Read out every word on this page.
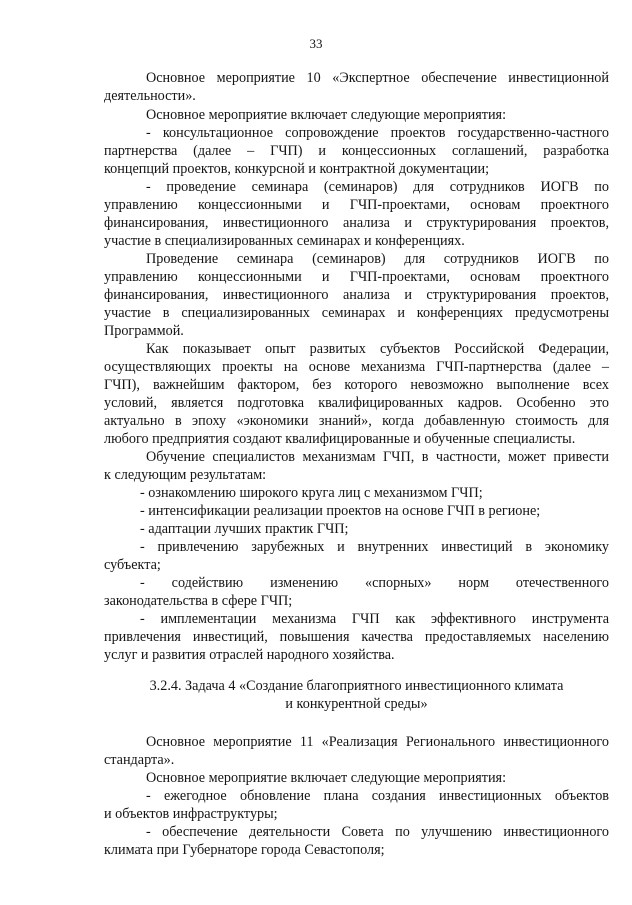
33
Основное мероприятие 10 «Экспертное обеспечение инвестиционной
деятельности».
Основное мероприятие включает следующие мероприятия:
- консультационное сопровождение проектов государственно-частного
партнерства (далее – ГЧП) и концессионных соглашений, разработка
концепций проектов, конкурсной и контрактной документации;
- проведение семинара (семинаров) для сотрудников ИОГВ по
управлению концессионными и ГЧП-проектами, основам проектного
финансирования, инвестиционного анализа и структурирования проектов,
участие в специализированных семинарах и конференциях.
Проведение семинара (семинаров) для сотрудников ИОГВ по
управлению концессионными и ГЧП-проектами, основам проектного
финансирования, инвестиционного анализа и структурирования проектов,
участие в специализированных семинарах и конференциях предусмотрены
Программой.
Как показывает опыт развитых субъектов Российской Федерации,
осуществляющих проекты на основе механизма ГЧП-партнерства (далее –
ГЧП), важнейшим фактором, без которого невозможно выполнение всех
условий, является подготовка квалифицированных кадров. Особенно это
актуально в эпоху «экономики знаний», когда добавленную стоимость для
любого предприятия создают квалифицированные и обученные специалисты.
Обучение специалистов механизмам ГЧП, в частности, может привести
к следующим результатам:
- ознакомлению широкого круга лиц с механизмом ГЧП;
- интенсификации реализации проектов на основе ГЧП в регионе;
- адаптации лучших практик ГЧП;
- привлечению зарубежных и внутренних инвестиций в экономику
субъекта;
- содействию изменению «спорных» норм отечественного
законодательства в сфере ГЧП;
- имплементации механизма ГЧП как эффективного инструмента
привлечения инвестиций, повышения качества предоставляемых населению
услуг и развития отраслей народного хозяйства.
3.2.4. Задача 4 «Создание благоприятного инвестиционного климата
и конкурентной среды»
Основное мероприятие 11 «Реализация Регионального инвестиционного
стандарта».
Основное мероприятие включает следующие мероприятия:
- ежегодное обновление плана создания инвестиционных объектов
и объектов инфраструктуры;
- обеспечение деятельности Совета по улучшению инвестиционного
климата при Губернаторе города Севастополя;
